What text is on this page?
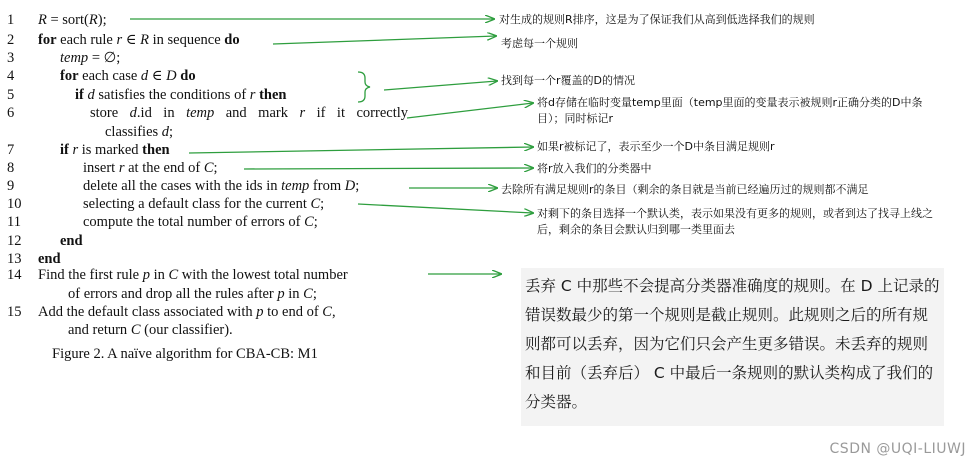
1	R = sort(R);
2	for each rule r ∈ R in sequence do
3	temp = ∅;
4	for each case d ∈ D do
5	if d satisfies the conditions of r then
6	store d.id in temp and mark r if it correctly
classifies d;
7	if r is marked then
8	insert r at the end of C;
9	delete all the cases with the ids in temp from D;
10	selecting a default class for the current C;
11	compute the total number of errors of C;
12	end
13	end
14	Find the first rule p in C with the lowest total number
of errors and drop all the rules after p in C;
15	Add the default class associated with p to end of C,
and return C (our classifier).
Figure 2. A naïve algorithm for CBA-CB: M1
对生成的规则R排序，这是为了保证我们从高到低选择我们的规则
考虑每一个规则
找到每一个r覆盖的D的情况
将d存储在临时变量temp里面（temp里面的变量表示被规则r正确分类的D中条目）；同时标记r
如果r被标记了，表示至少一个D中条目满足规则r
将r放入我们的分类器中
去除所有满足规则r的条目（剩余的条目就是当前已经遍历过的规则都不满足
对剩下的条目选择一个默认类，表示如果没有更多的规则，或者到达了找寻上线之后，剩余的条目会默认归到哪一类里面去
丢弃 C 中那些不会提高分类器准确度的规则。在 D 上记录的错误数最少的第一个规则是截止规则。此规则之后的所有规则都可以丢弃，因为它们只会产生更多错误。未丢弃的规则和目前（丢弃后） C 中最后一条规则的默认类构成了我们的分类器。
CSDN @UQI-LIUWJ
